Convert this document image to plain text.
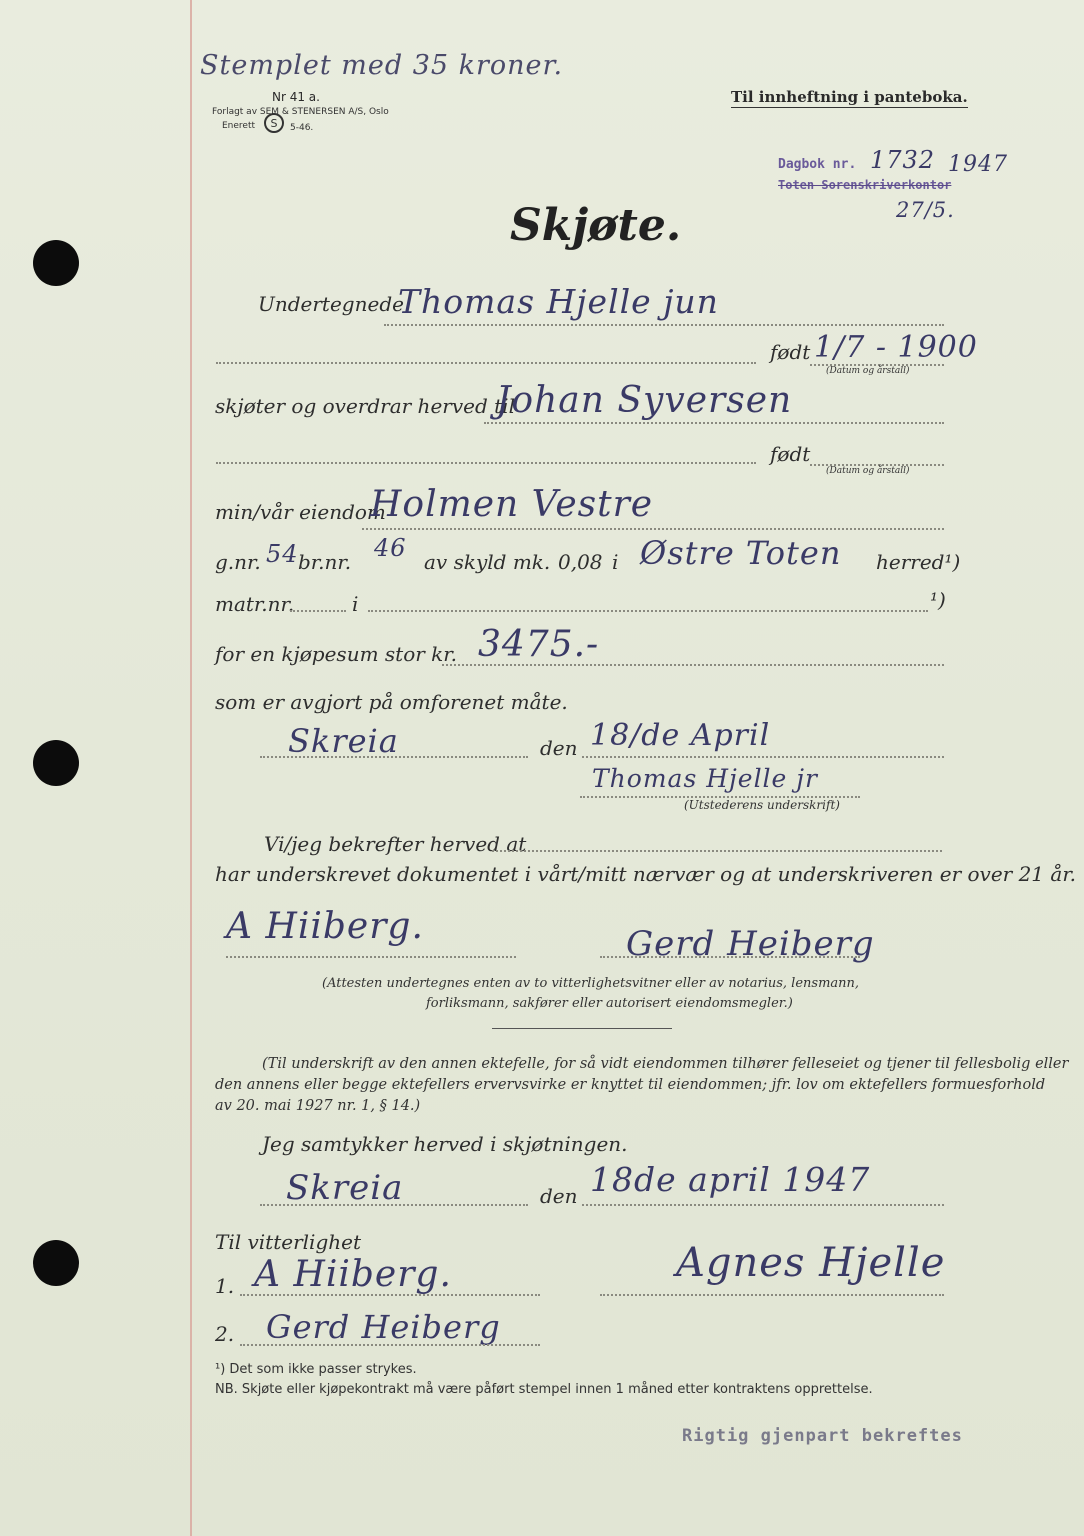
Stemplet med 35 kroner.
Nr 41 a.
Forlagt av SEM & STENERSEN A/S, Oslo
Enerett S 5-46.
Til innheftning i panteboka.
Dagbok nr. 1732 1947
Toten Sorenskriverkontor
27/5.
Skjøte.
Undertegnede
Thomas Hjelle jun
født 1/7 - 1900
(Datum og årstall)
skjøter og overdrar herved til
Johan Syversen
født
(Datum og årstall)
min/vår eiendom
Holmen Vestre
g.nr. 54 br.nr. 46 av skyld mk. 0,08 i Østre Toten herred¹)
matr.nr.	i	¹)
for en kjøpesum stor kr. 3475.-
som er avgjort på omforenet måte.
Skreia	den 18/de April
Thomas Hjelle jr
(Utstederens underskrift)
Vi/jeg bekrefter herved at
har underskrevet dokumentet i vårt/mitt nærvær og at underskriveren er over 21 år.
A Hiiberg.	Gerd Heiberg
(Attesten undertegnes enten av to vitterlighetsvitner eller av notarius, lensmann,
forliksmann, sakfører eller autorisert eiendomsmegler.)
(Til underskrift av den annen ektefelle, for så vidt eiendommen tilhører felleseiet og tjener til fellesbolig eller
den annens eller begge ektefellers ervervsvirke er knyttet til eiendommen; jfr. lov om ektefellers formuesforhold
av 20. mai 1927 nr. 1, § 14.)
Jeg samtykker herved i skjøtningen.
Skreia	den 18de april 1947
Til vitterlighet
1. A Hiiberg.	Agnes Hjelle
2. Gerd Heiberg
¹) Det som ikke passer strykes.
NB. Skjøte eller kjøpekontrakt må være påført stempel innen 1 måned etter kontraktens opprettelse.
Rigtig gjenpart bekreftes
